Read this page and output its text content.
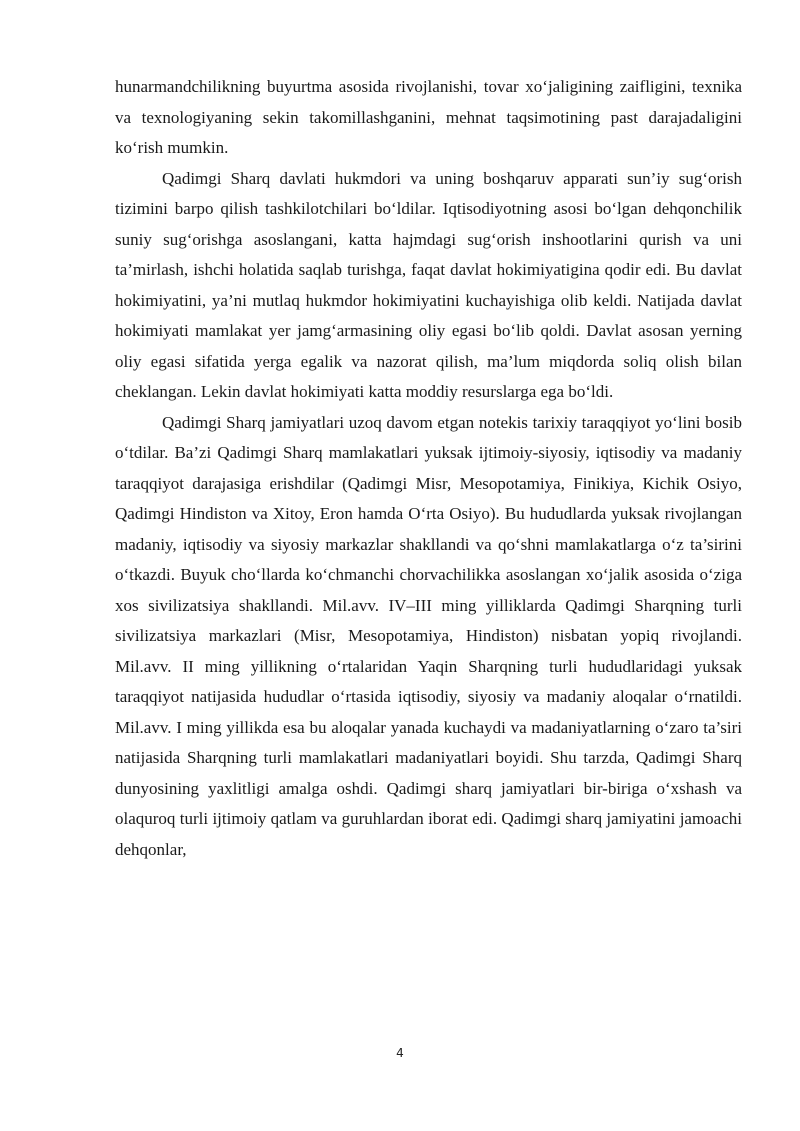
hunarmandchilikning buyurtma asosida rivojlanishi, tovar xo‘jaligining zaifligini, texnika va texnologiyaning sekin takomillashganini, mehnat taqsimotining past darajadaligini ko‘rish mumkin.

Qadimgi Sharq davlati hukmdori va uning boshqaruv apparati sun’iy sug‘orish tizimini barpo qilish tashkilotchilari bo‘ldilar. Iqtisodiyotning asosi bo‘lgan dehqonchilik suniy sug‘orishga asoslangani, katta hajmdagi sug‘orish inshootlarini qurish va uni ta’mirlash, ishchi holatida saqlab turishga, faqat davlat hokimiyatigina qodir edi. Bu davlat hokimiyatini, ya’ni mutlaq hukmdor hokimiyatini kuchayishiga olib keldi. Natijada davlat hokimiyati mamlakat yer jamg‘armasining oliy egasi bo‘lib qoldi. Davlat asosan yerning oliy egasi sifatida yerga egalik va nazorat qilish, ma’lum miqdorda soliq olish bilan cheklangan. Lekin davlat hokimiyati katta moddiy resurslarga ega bo‘ldi.

Qadimgi Sharq jamiyatlari uzoq davom etgan notekis tarixiy taraqqiyot yo‘lini bosib o‘tdilar. Ba’zi Qadimgi Sharq mamlakatlari yuksak ijtimoiy-siyosiy, iqtisodiy va madaniy taraqqiyot darajasiga erishdilar (Qadimgi Misr, Mesopotamiya, Finikiya, Kichik Osiyo, Qadimgi Hindiston va Xitoy, Eron hamda O‘rta Osiyo). Bu hududlarda yuksak rivojlangan madaniy, iqtisodiy va siyosiy markazlar shakllandi va qo‘shni mamlakatlarga o‘z ta’sirini o‘tkazdi. Buyuk cho‘llarda ko‘chmanchi chorvachilikka asoslangan xo‘jalik asosida o‘ziga xos sivilizatsiya shakllandi. Mil.avv. IV–III ming yilliklarda Qadimgi Sharqning turli sivilizatsiya markazlari (Misr, Mesopotamiya, Hindiston) nisbatan yopiq rivojlandi. Mil.avv. II ming yillikning o‘rtalaridan Yaqin Sharqning turli hududlaridagi yuksak taraqqiyot natijasida hududlar o‘rtasida iqtisodiy, siyosiy va madaniy aloqalar o‘rnatildi. Mil.avv. I ming yillikda esa bu aloqalar yanada kuchaydi va madaniyatlarning o‘zaro ta’siri natijasida Sharqning turli mamlakatlari madaniyatlari boyidi. Shu tarzda, Qadimgi Sharq dunyosining yaxlitligi amalga oshdi. Qadimgi sharq jamiyatlari bir-biriga o‘xshash va olaquroq turli ijtimoiy qatlam va guruhlardan iborat edi. Qadimgi sharq jamiyatini jamoachi dehqonlar,

4
